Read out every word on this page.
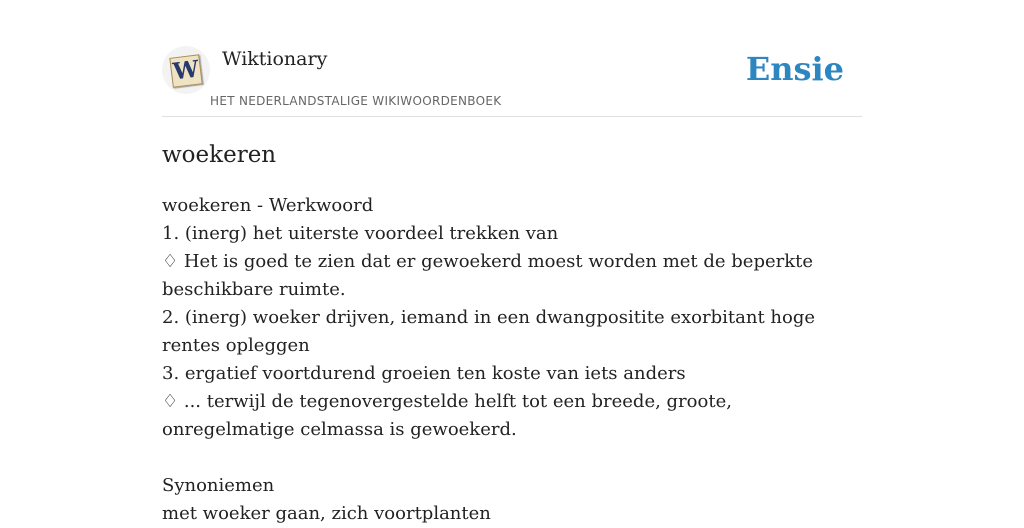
W Wiktionary
HET NEDERLANDSTALIGE WIKIWOORDENBOEK
Ensie
woekeren

woekeren - Werkwoord

1. (inerg) het uiterste voordeel trekken van

♢ Het is goed te zien dat er gewoekerd moest worden met de beperkte beschikbare ruimte.

2. (inerg) woeker drijven, iemand in een dwangpositite exorbitant hoge rentes opleggen

3. ergatief voortdurend groeien ten koste van iets anders

♢ ... terwijl de tegenovergestelde helft tot een breede, groote, onregelmatige celmassa is gewoekerd.

Synoniemen

met woeker gaan, zich voortplanten
